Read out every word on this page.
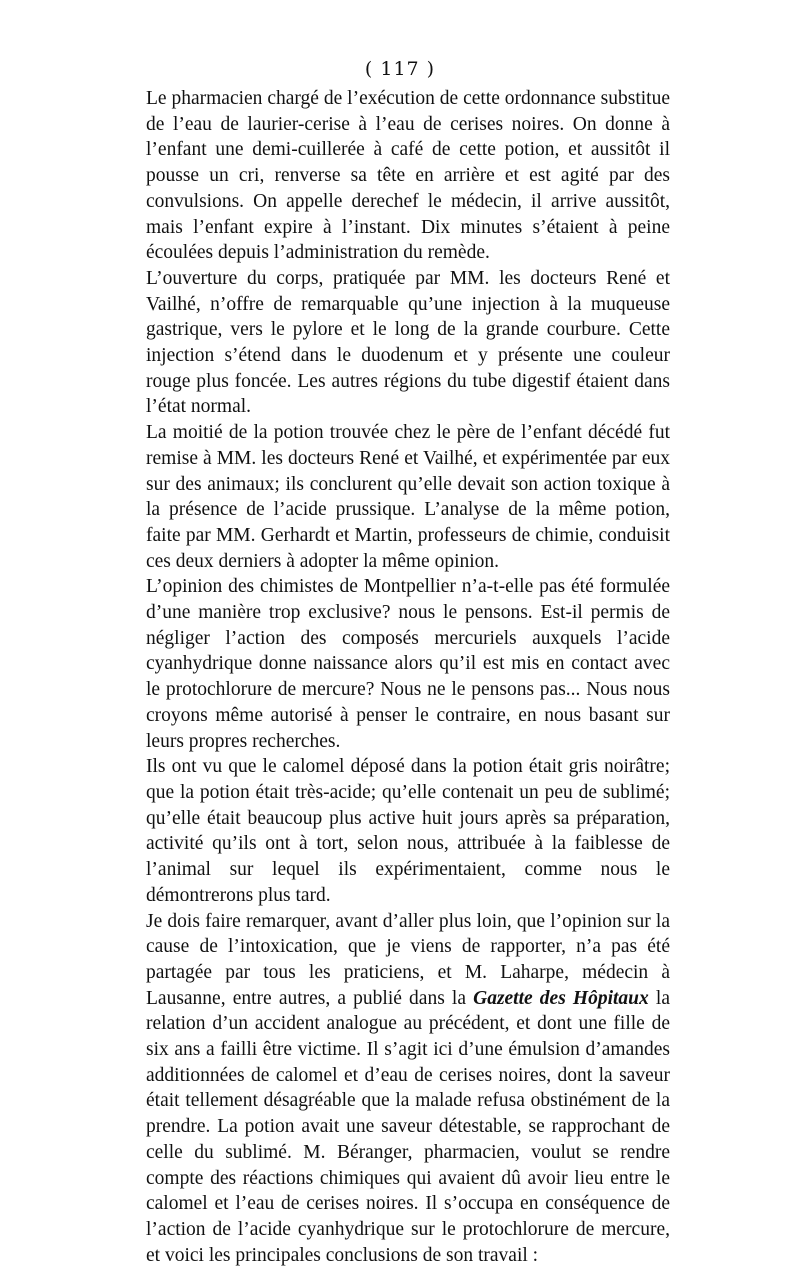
( 117 )

Le pharmacien chargé de l’exécution de cette ordonnance substitue de l’eau de laurier-cerise à l’eau de cerises noires. On donne à l’enfant une demi-cuillerée à café de cette potion, et aussitôt il pousse un cri, renverse sa tête en arrière et est agité par des convulsions. On appelle derechef le médecin, il arrive aussitôt, mais l’enfant expire à l’instant. Dix minutes s’étaient à peine écoulées depuis l’administration du remède.

L’ouverture du corps, pratiquée par MM. les docteurs René et Vailhé, n’offre de remarquable qu’une injection à la muqueuse gastrique, vers le pylore et le long de la grande courbure. Cette injection s’étend dans le duodenum et y présente une couleur rouge plus foncée. Les autres régions du tube digestif étaient dans l’état normal.

La moitié de la potion trouvée chez le père de l’enfant décédé fut remise à MM. les docteurs René et Vailhé, et expérimentée par eux sur des animaux; ils conclurent qu’elle devait son action toxique à la présence de l’acide prussique. L’analyse de la même potion, faite par MM. Gerhardt et Martin, professeurs de chimie, conduisit ces deux derniers à adopter la même opinion.

L’opinion des chimistes de Montpellier n’a-t-elle pas été formulée d’une manière trop exclusive? nous le pensons. Est-il permis de négliger l’action des composés mercuriels auxquels l’acide cyanhydrique donne naissance alors qu’il est mis en contact avec le protochlorure de mercure? Nous ne le pensons pas... Nous nous croyons même autorisé à penser le contraire, en nous basant sur leurs propres recherches.

Ils ont vu que le calomel déposé dans la potion était gris noirâtre; que la potion était très-acide; qu’elle contenait un peu de sublimé; qu’elle était beaucoup plus active huit jours après sa préparation, activité qu’ils ont à tort, selon nous, attribuée à la faiblesse de l’animal sur lequel ils expérimentaient, comme nous le démontrerons plus tard.

Je dois faire remarquer, avant d’aller plus loin, que l’opinion sur la cause de l’intoxication, que je viens de rapporter, n’a pas été partagée par tous les praticiens, et M. Laharpe, médecin à Lausanne, entre autres, a publié dans la Gazette des Hôpitaux la relation d’un accident analogue au précédent, et dont une fille de six ans a failli être victime. Il s’agit ici d’une émulsion d’amandes additionnées de calomel et d’eau de cerises noires, dont la saveur était tellement désagréable que la malade refusa obstinément de la prendre. La potion avait une saveur détestable, se rapprochant de celle du sublimé. M. Béranger, pharmacien, voulut se rendre compte des réactions chimiques qui avaient dû avoir lieu entre le calomel et l’eau de cerises noires. Il s’occupa en conséquence de l’action de l’acide cyanhydrique sur le protochlorure de mercure, et voici les principales conclusions de son travail :
